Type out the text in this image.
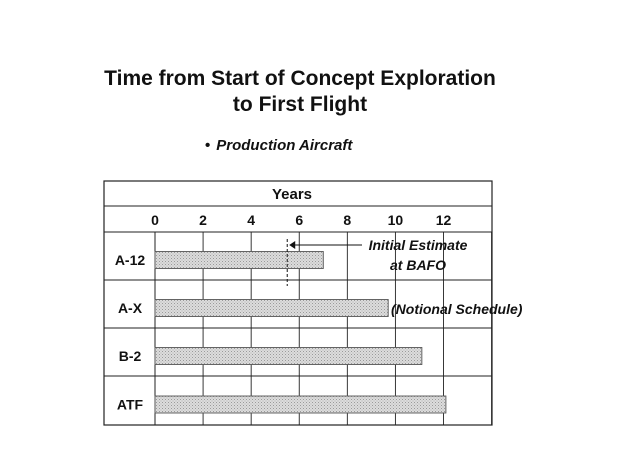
Time from Start of Concept Exploration
to First Flight
• Production Aircraft
Years
0	2	4	6	8	10 12
A-12
A-X
B-2
ATF
Initial Estimate
at BAFO
(Notional Schedule)
